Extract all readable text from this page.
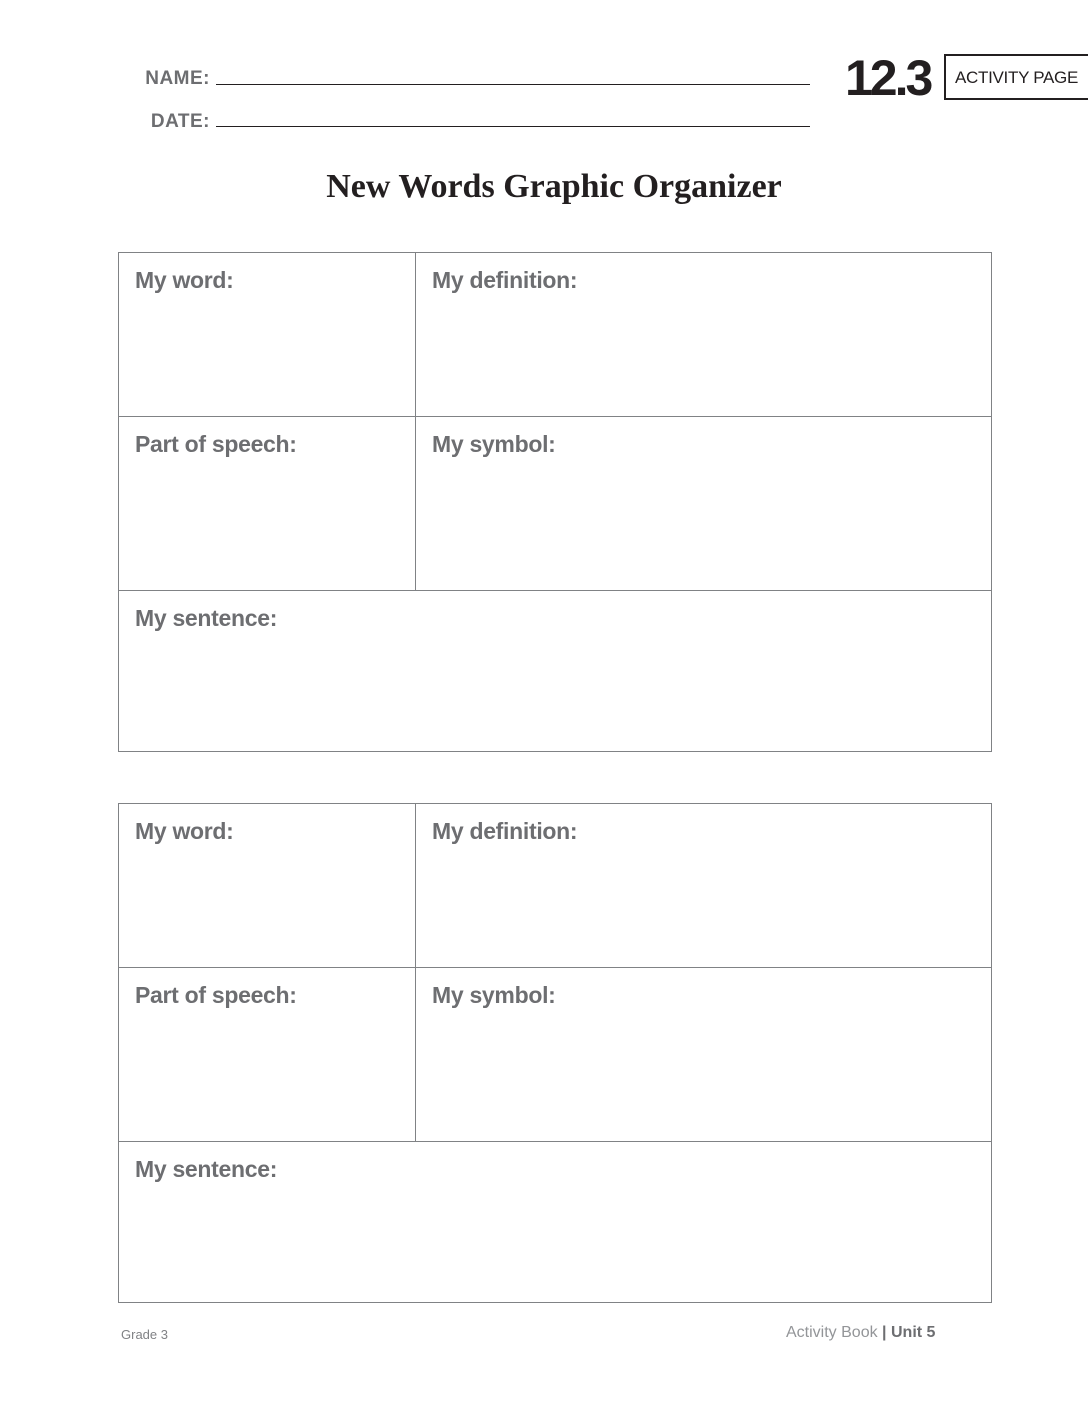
NAME:
DATE:
12.3	ACTIVITY PAGE
New Words Graphic Organizer
My word:	My definition:
Part of speech:	My symbol:
My sentence:
My word:	My definition:
Part of speech:	My symbol:
My sentence:
Grade 3	Activity Book | Unit 5
